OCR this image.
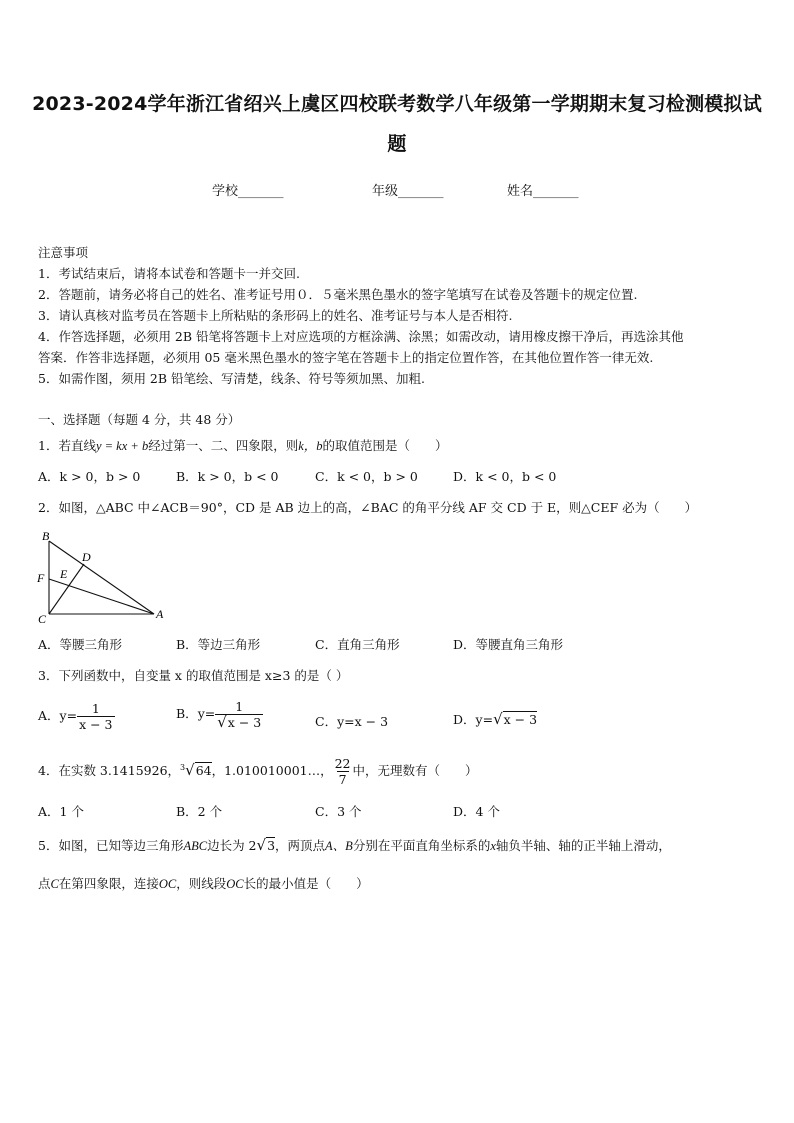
2023-2024学年浙江省绍兴上虞区四校联考数学八年级第一学期期末复习检测模拟试
题
学校_______	年级_______	姓名_______
注意事项
1．考试结束后，请将本试卷和答题卡一并交回.
2．答题前，请务必将自己的姓名、准考证号用０．５毫米黑色墨水的签字笔填写在试卷及答题卡的规定位置.
3．请认真核对监考员在答题卡上所粘贴的条形码上的姓名、准考证号与本人是否相符.
4．作答选择题，必须用 2B 铅笔将答题卡上对应选项的方框涂满、涂黑；如需改动，请用橡皮擦干净后，再选涂其他
答案．作答非选择题，必须用 05 毫米黑色墨水的签字笔在答题卡上的指定位置作答，在其他位置作答一律无效.
5．如需作图，须用 2B 铅笔绘、写清楚，线条、符号等须加黑、加粗.
一、选择题（每题 4 分，共 48 分）
1．若直线y = kx + b经过第一、二、四象限，则k，b的取值范围是（　　）
A．k > 0，b > 0	B．k > 0，b < 0	C．k < 0，b > 0	D．k < 0，b < 0
2．如图，△ABC 中∠ACB＝90°，CD 是 AB 边上的高，∠BAC 的角平分线 AF 交 CD 于 E，则△CEF 必为（　　）
B
D
F E
C	A
A．等腰三角形	B．等边三角形	C．直角三角形	D．等腰直角三角形
3．下列函数中，自变量 x 的取值范围是 x≥3 的是（ ）
A．$y= \frac{1}{x - 3}$	B．$y= \frac{1}{√x - 3}$	C．y=x − 3	D．y=√x − 3
4．在实数 3.1415926，$^3$√64，1.010010001…， $\frac{22}{7}$ 中，无理数有（　　）
A．1 个	B．2 个	C．3 个	D．4 个
5．如图，已知等边三角形ABC边长为 2√3，两顶点A、B分别在平面直角坐标系的x轴负半轴、轴的正半轴上滑动，
点C在第四象限，连接OC，则线段OC长的最小值是（　　）
